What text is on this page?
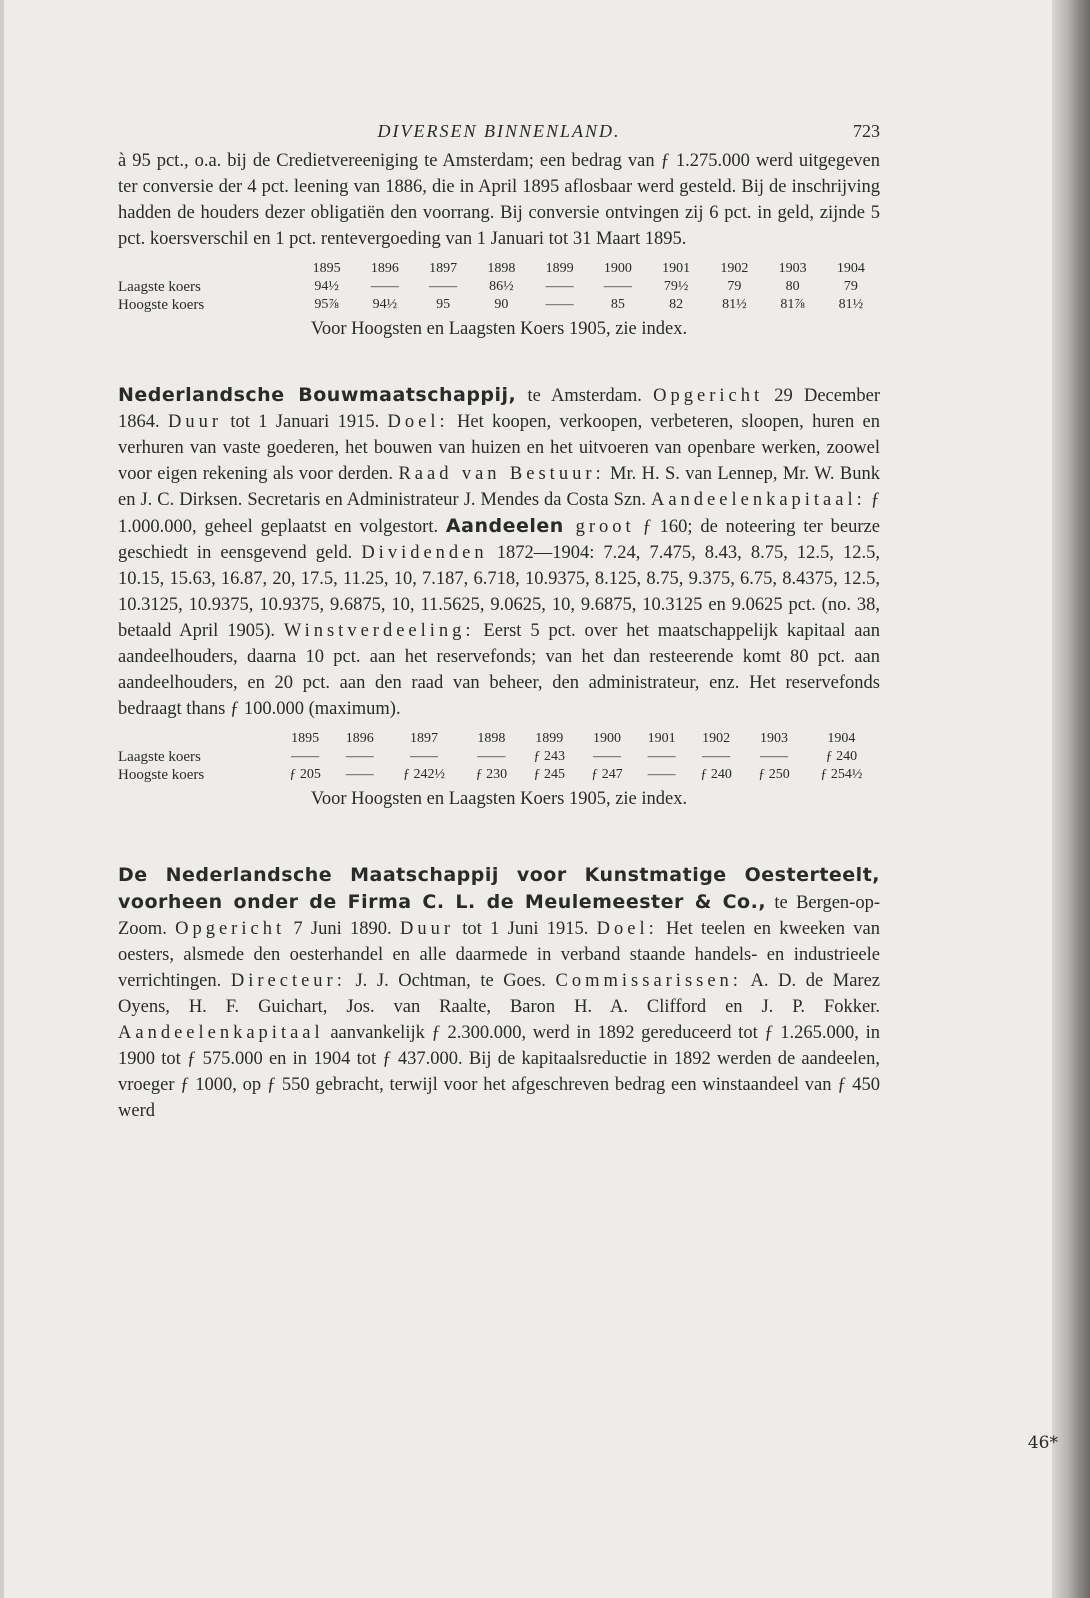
DIVERSEN BINNENLAND.	723

à 95 pct., o.a. bij de Credietvereeniging te Amsterdam; een bedrag van ƒ 1.275.000 werd uitgegeven ter conversie der 4 pct. leening van 1886, die in April 1895 aflosbaar werd gesteld. Bij de inschrijving hadden de houders dezer obligatiën den voorrang. Bij conversie ontvingen zij 6 pct. in geld, zijnde 5 pct. koersverschil en 1 pct. rentevergoeding van 1 Januari tot 31 Maart 1895.

	1895	1896	1897	1898	1899	1900	1901	1902	1903	1904
Laagste koers	94½	——	——	86½	——	——	79½	79	80	79
Hoogste koers	95⅞	94½	95	90	——	85	82	81½	81⅞	81½

Voor Hoogsten en Laagsten Koers 1905, zie index.

Nederlandsche Bouwmaatschappij, te Amsterdam. Opgericht 29 December 1864. Duur tot 1 Januari 1915. Doel: Het koopen, verkoopen, verbeteren, sloopen, huren en verhuren van vaste goederen, het bouwen van huizen en het uitvoeren van openbare werken, zoowel voor eigen rekening als voor derden. Raad van Bestuur: Mr. H. S. van Lennep, Mr. W. Bunk en J. C. Dirksen. Secretaris en Administrateur J. Mendes da Costa Szn. Aandeelenkapitaal: ƒ 1.000.000, geheel geplaatst en volgestort. Aandeelen groot ƒ 160; de noteering ter beurze geschiedt in eensgevend geld. Dividenden 1872—1904: 7.24, 7.475, 8.43, 8.75, 12.5, 12.5, 10.15, 15.63, 16.87, 20, 17.5, 11.25, 10, 7.187, 6.718, 10.9375, 8.125, 8.75, 9.375, 6.75, 8.4375, 12.5, 10.3125, 10.9375, 10.9375, 9.6875, 10, 11.5625, 9.0625, 10, 9.6875, 10.3125 en 9.0625 pct. (no. 38, betaald April 1905). Winstverdeeling: Eerst 5 pct. over het maatschappelijk kapitaal aan aandeelhouders, daarna 10 pct. aan het reservefonds; van het dan resteerende komt 80 pct. aan aandeelhouders, en 20 pct. aan den raad van beheer, den administrateur, enz. Het reservefonds bedraagt thans ƒ 100.000 (maximum).

	1895	1896	1897	1898	1899	1900	1901	1902	1903	1904
Laagste koers	——	——	——	——	ƒ 243	——	——	——	——	ƒ 240
Hoogste koers	ƒ 205	——	ƒ 242½	ƒ 230	ƒ 245	ƒ 247	——	ƒ 240	ƒ 250	ƒ 254½

Voor Hoogsten en Laagsten Koers 1905, zie index.

De Nederlandsche Maatschappij voor Kunstmatige Oesterteelt, voorheen onder de Firma C. L. de Meulemeester & Co., te Bergen-op-Zoom. Opgericht 7 Juni 1890. Duur tot 1 Juni 1915. Doel: Het teelen en kweeken van oesters, alsmede den oesterhandel en alle daarmede in verband staande handels- en industrieele verrichtingen. Directeur: J. J. Ochtman, te Goes. Commissarissen: A. D. de Marez Oyens, H. F. Guichart, Jos. van Raalte, Baron H. A. Clifford en J. P. Fokker. Aandeelenkapitaal aanvankelijk ƒ 2.300.000, werd in 1892 gereduceerd tot ƒ 1.265.000, in 1900 tot ƒ 575.000 en in 1904 tot ƒ 437.000. Bij de kapitaalsreductie in 1892 werden de aandeelen, vroeger ƒ 1000, op ƒ 550 gebracht, terwijl voor het afgeschreven bedrag een winstaandeel van ƒ 450 werd

46*
